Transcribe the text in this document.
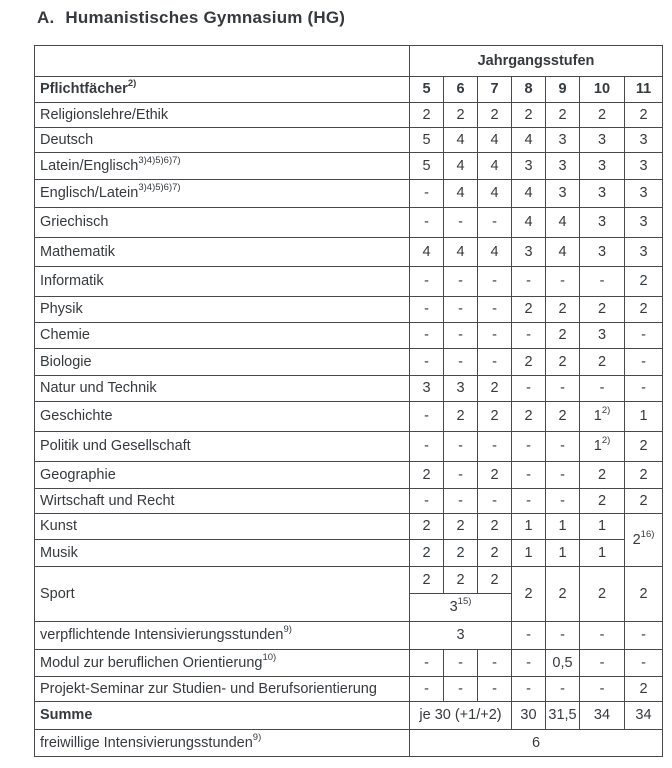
A. Humanistisches Gymnasium (HG)
	Jahrgangsstufen						
Pflichtfächer$^{2)}$	5	6	7	8	9	10	11
Religionslehre/Ethik	2	2	2	2	2	2	2
Deutsch	5	4	4	4	3	3	3
Latein/Englisch$^{3)4)5)6)7)}$	5	4	4	3	3	3	3
Englisch/Latein$^{3)4)5)6)7)}$	-	4	4	4	3	3	3
Griechisch	-	-	-	4	4	3	3
Mathematik	4	4	4	3	4	3	3
Informatik	-	-	-	-	-	-	2
Physik	-	-	-	2	2	2	2
Chemie	-	-	-	-	2	3	-
Biologie	-	-	-	2	2	2	-
Natur und Technik	3	3	2	-	-	-	-
Geschichte	-	2	2	2	2	1$^{2)}$	1
Politik und Gesellschaft	-	-	-	-	-	1$^{2)}$	2
Geographie	2	-	2	-	-	2	2
Wirtschaft und Recht	-	-	-	-	-	2	2
Kunst	2	2	2	1	1	1	2$^{16)}$
Musik	2	2	2	1	1	1	
Sport	2	2	2	2	2	2	2
	3$^{15)}$
verpflichtende Intensivierungsstunden$^{9)}$	3			-	-	-	-
Modul zur beruflichen Orientierung$^{10)}$	-	-	-	-	0,5	-	-
Projekt-Seminar zur Studien- und Berufsorientierung	-	-	-	-	-	-	2
Summe	je 30 (+1/+2)			30	31,5	34	34
freiwillige Intensivierungsstunden$^{9)}$	6						
